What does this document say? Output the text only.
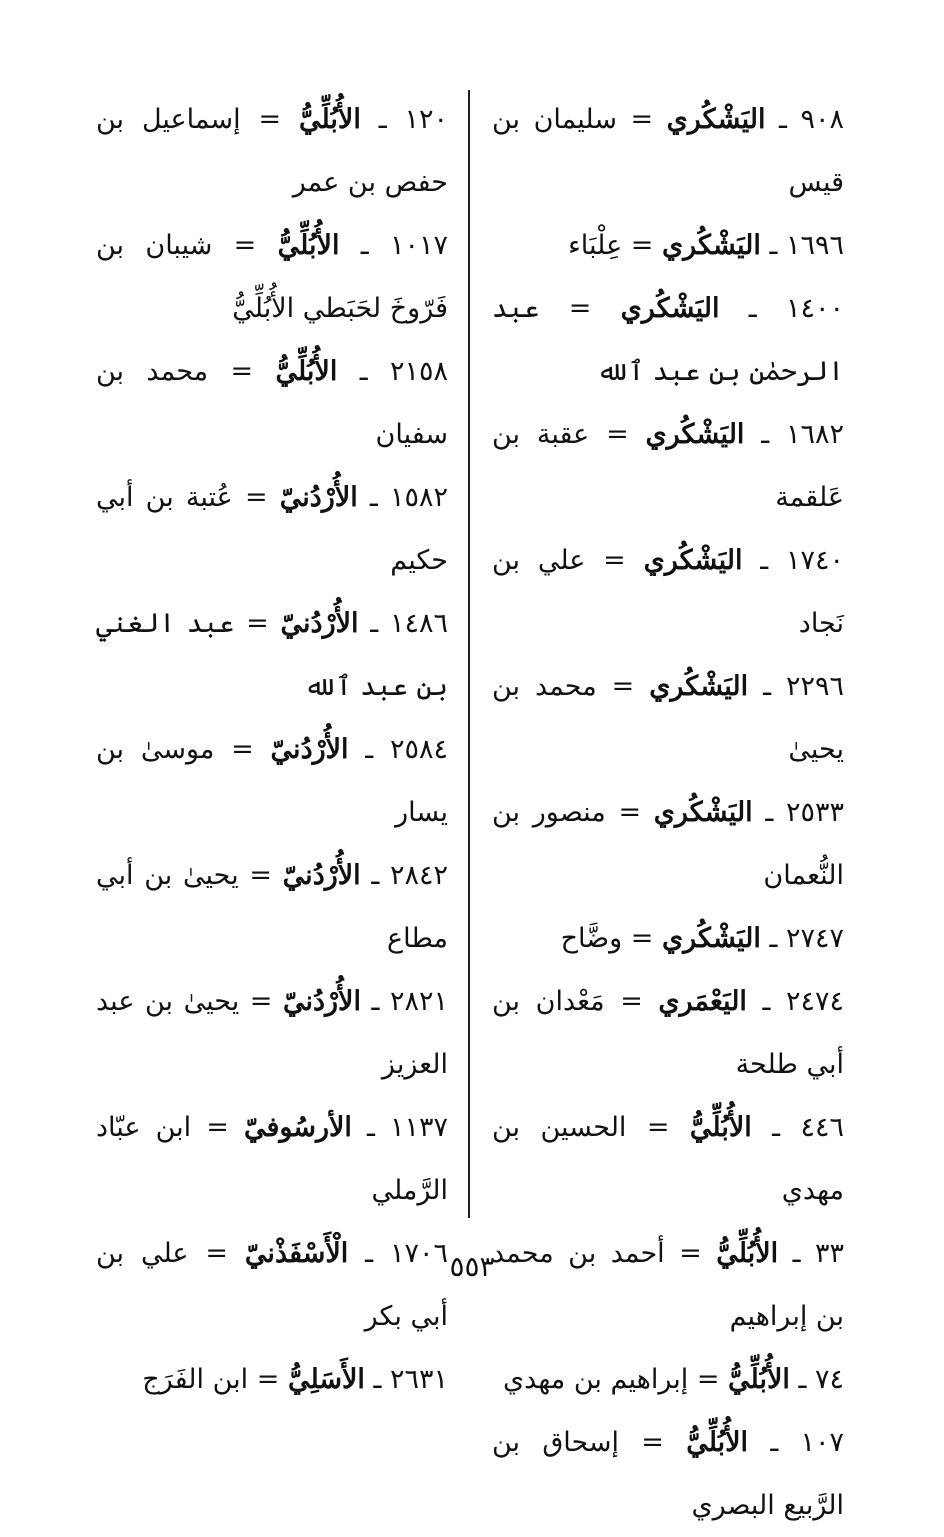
٩٠٨ ـ اليَشْكُري = سليمان بن قيس

١٦٩٦ ـ اليَشْكُري = عِلْبَاء

١٤٠٠ ـ اليَشْكُري = عبد الرحمٰن بن عبد ٱلله

١٦٨٢ ـ اليَشْكُري = عقبة بن عَلقمة

١٧٤٠ ـ اليَشْكُري = علي بن نَجاد

٢٢٩٦ ـ اليَشْكُري = محمد بن يحيىٰ

٢٥٣٣ ـ اليَشْكُري = منصور بن النُّعمان

٢٧٤٧ ـ اليَشْكُري = وضَّاح

٢٤٧٤ ـ اليَعْمَري = مَعْدان بن أبي طلحة

٤٤٦ ـ الأُبُلِّيُّ = الحسين بن مهدي

٣٣ ـ الأُبُلِّيُّ = أحمد بن محمد بن إبراهيم

٧٤ ـ الأُبُلِّيُّ = إبراهيم بن مهدي

١٠٧ ـ الأُبُلِّيُّ = إسحاق بن الرَّبيع البصري

١٢٠ ـ الأُبُلِّيُّ = إسماعيل بن حفص بن عمر

١٠١٧ ـ الأُبُلِّيُّ = شيبان بن فَرّوخَ لحَبَطي الأُبُلِّيُّ

٢١٥٨ ـ الأُبُلِّيُّ = محمد بن سفيان

١٥٨٢ ـ الأُرْدُنيّ = عُتبة بن أبي حكيم

١٤٨٦ ـ الأُرْدُنيّ = عبد الغني بن عبد ٱلله

٢٥٨٤ ـ الأُرْدُنيّ = موسىٰ بن يسار

٢٨٤٢ ـ الأُرْدُنيّ = يحيىٰ بن أبي مطاع

٢٨٢١ ـ الأُرْدُنيّ = يحيىٰ بن عبد العزيز

١١٣٧ ـ الأرسُوفيّ = ابن عبّاد الرَّملي

١٧٠٦ ـ الْأَسْفَذْنيّ = علي بن أبي بكر

٢٦٣١ ـ الأَسَلِيُّ = ابن الفَرَج

٥٥٣
